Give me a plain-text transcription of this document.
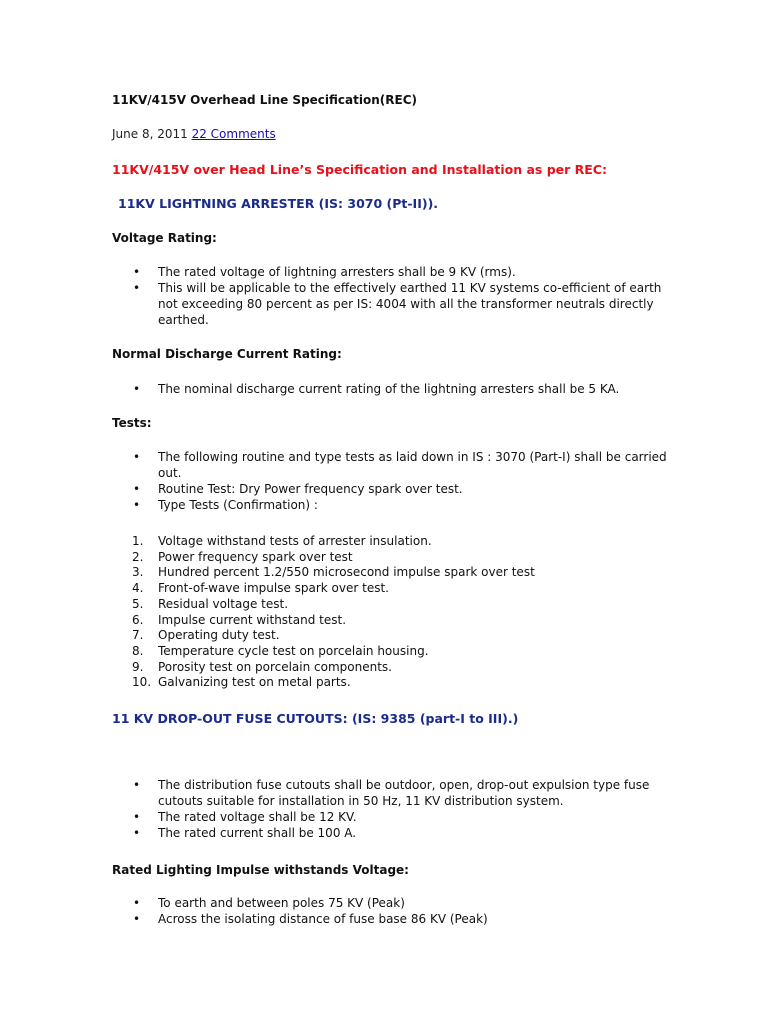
11KV/415V Overhead Line Specification(REC)

June 8, 2011 22 Comments

11KV/415V over Head Line’s Specification and Installation as per REC:

11KV LIGHTNING ARRESTER (IS: 3070 (Pt-II)).

Voltage Rating:

• The rated voltage of lightning arresters shall be 9 KV (rms).
• This will be applicable to the effectively earthed 11 KV systems co-efficient of earth not exceeding 80 percent as per IS: 4004 with all the transformer neutrals directly earthed.

Normal Discharge Current Rating:

• The nominal discharge current rating of the lightning arresters shall be 5 KA.

Tests:

• The following routine and type tests as laid down in IS : 3070 (Part-I) shall be carried out.
• Routine Test: Dry Power frequency spark over test.
• Type Tests (Confirmation) :
1.	Voltage withstand tests of arrester insulation.
2.	Power frequency spark over test
3.	Hundred percent 1.2/550 microsecond impulse spark over test
4.	Front-of-wave impulse spark over test.
5.	Residual voltage test.
6.	Impulse current withstand test.
7.	Operating duty test.
8.	Temperature cycle test on porcelain housing.
9.	Porosity test on porcelain components.
10. Galvanizing test on metal parts.

11 KV DROP-OUT FUSE CUTOUTS: (IS: 9385 (part-I to III).)

• The distribution fuse cutouts shall be outdoor, open, drop-out expulsion type fuse cutouts suitable for installation in 50 Hz, 11 KV distribution system.
• The rated voltage shall be 12 KV.
• The rated current shall be 100 A.

Rated Lighting Impulse withstands Voltage:

• To earth and between poles 75 KV (Peak)
• Across the isolating distance of fuse base 86 KV (Peak)
